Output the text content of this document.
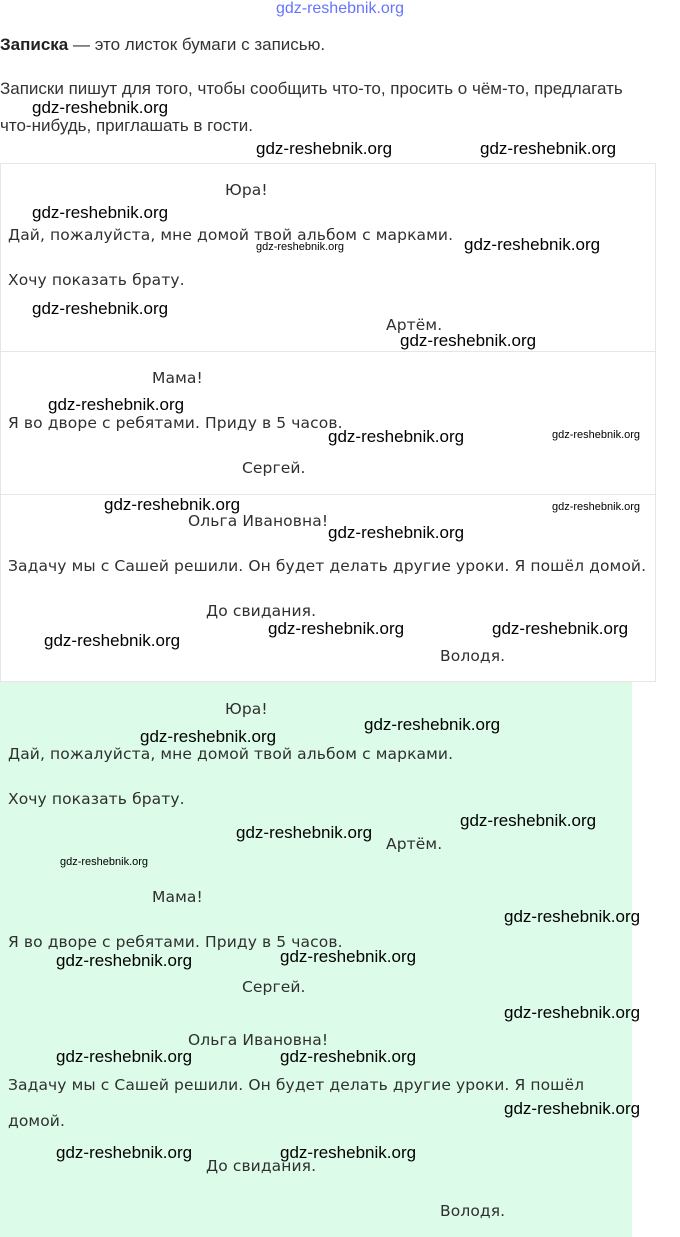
gdz-reshebnik.org
Записка — это листок бумаги с записью.
Записки пишут для того, чтобы сообщить что-то, просить о чём-то, предлагать
что-нибудь, приглашать в гости.
Юра!
Дай, пожалуйста, мне домой твой альбом с марками.
Хочу показать брату.
Артём.
Мама!
Я во дворе с ребятами. Приду в 5 часов.
Сергей.
Ольга Ивановна!
Задачу мы с Сашей решили. Он будет делать другие уроки. Я пошёл домой.
До свидания.
Володя.
Юра!
Дай, пожалуйста, мне домой твой альбом с марками.
Хочу показать брату.
Артём.
Мама!
Я во дворе с ребятами. Приду в 5 часов.
Сергей.
Ольга Ивановна!
Задачу мы с Сашей решили. Он будет делать другие уроки. Я пошёл
домой.
До свидания.
Володя.
gdz-reshebnik.org
gdz-reshebnik.org	gdz-reshebnik.org
gdz-reshebnik.org
gdz-reshebnik.org	gdz-reshebnik.org
gdz-reshebnik.org
gdz-reshebnik.org
gdz-reshebnik.org
gdz-reshebnik.org	gdz-reshebnik.org
gdz-reshebnik.org	gdz-reshebnik.org
gdz-reshebnik.org
gdz-reshebnik.org
gdz-reshebnik.org	gdz-reshebnik.org
gdz-reshebnik.org
gdz-reshebnik.org
gdz-reshebnik.org
gdz-reshebnik.org
gdz-reshebnik.org
gdz-reshebnik.org
gdz-reshebnik.org
gdz-reshebnik.org
gdz-reshebnik.org
gdz-reshebnik.org	gdz-reshebnik.org
gdz-reshebnik.org
gdz-reshebnik.org	gdz-reshebnik.org
